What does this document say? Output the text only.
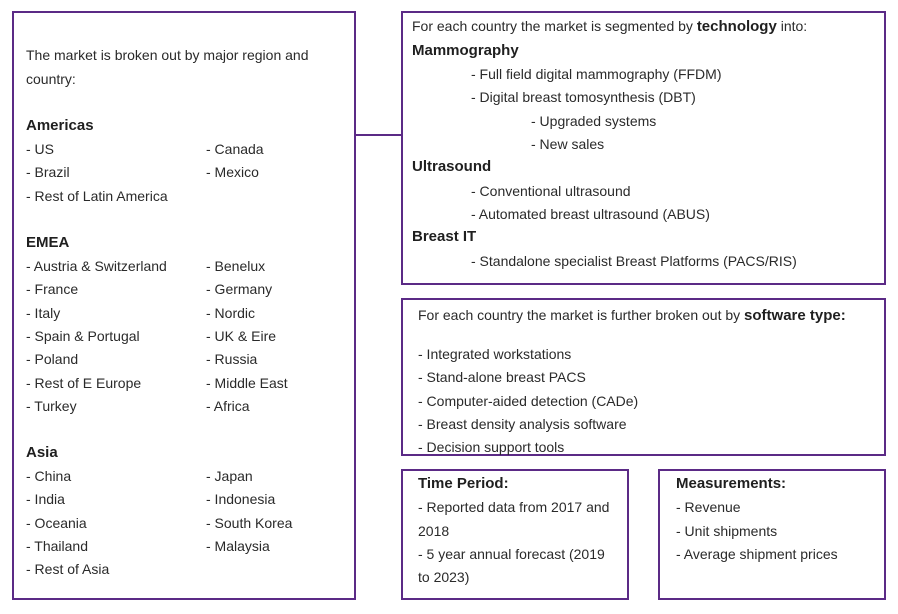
The market is broken out by major region and
country:
Americas
- US
- Brazil
- Rest of Latin America
- Canada
- Mexico
EMEA
- Austria & Switzerland
- France
- Italy
- Spain & Portugal
- Poland
- Rest of E Europe
- Turkey
- Benelux
- Germany
- Nordic
- UK & Eire
- Russia
- Middle East
- Africa
Asia
- China
- India
- Oceania
- Thailand
- Rest of Asia
- Japan
- Indonesia
- South Korea
- Malaysia
For each country the market is segmented by technology into:
Mammography
- Full field digital mammography (FFDM)
- Digital breast tomosynthesis (DBT)
- Upgraded systems
- New sales
Ultrasound
- Conventional ultrasound
- Automated breast ultrasound (ABUS)
Breast IT
- Standalone specialist Breast Platforms (PACS/RIS)
For each country the market is further broken out by software type:
- Integrated workstations
- Stand-alone breast PACS
- Computer-aided detection (CADe)
- Breast density analysis software
- Decision support tools
Time Period:
- Reported data from 2017 and
2018
- 5 year annual forecast (2019
to 2023)
Measurements:
- Revenue
- Unit shipments
- Average shipment prices
